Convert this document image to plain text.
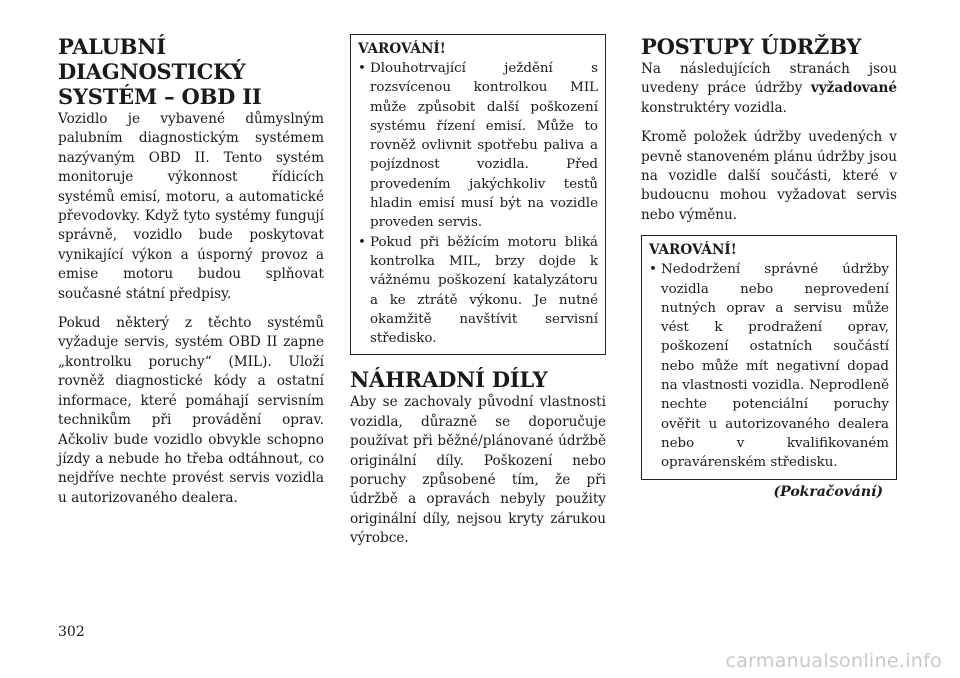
PALUBNÍ DIAGNOSTICKÝ SYSTÉM – OBD II

Vozidlo je vybavené důmyslným palubním diagnostickým systémem nazývaným OBD II. Tento systém monitoruje výkonnost řídicích systémů emisí, motoru, a automatické převodovky. Když tyto systémy fungují správně, vozidlo bude poskytovat vynikající výkon a úsporný provoz a emise motoru budou splňovat současné státní předpisy.

Pokud některý z těchto systémů vyžaduje servis, systém OBD II zapne „kontrolku poruchy“ (MIL). Uloží rovněž diagnostické kódy a ostatní informace, které pomáhají servisním technikům při provádění oprav. Ačkoliv bude vozidlo obvykle schopno jízdy a nebude ho třeba odtáhnout, co nejdříve nechte provést servis vozidla u autorizovaného dealera.

VAROVÁNÍ!
• Dlouhotrvající ježdění s rozsvícenou kontrolkou MIL může způsobit další poškození systému řízení emisí. Může to rovněž ovlivnit spotřebu paliva a pojízdnost vozidla. Před provedením jakýchkoliv testů hladin emisí musí být na vozidle proveden servis.
• Pokud při běžícím motoru bliká kontrolka MIL, brzy dojde k vážnému poškození katalyzátoru a ke ztrátě výkonu. Je nutné okamžitě navštívit servisní středisko.
NÁHRADNÍ DÍLY

Aby se zachovaly původní vlastnosti vozidla, důrazně se doporučuje používat při běžné/plánované údržbě originální díly. Poškození nebo poruchy způsobené tím, že při údržbě a opravách nebyly použity originální díly, nejsou kryty zárukou výrobce.

POSTUPY ÚDRŽBY

Na následujících stranách jsou uvedeny práce údržby vyžadované konstruktéry vozidla.

Kromě položek údržby uvedených v pevně stanoveném plánu údržby jsou na vozidle další součásti, které v budoucnu mohou vyžadovat servis nebo výměnu.

VAROVÁNÍ!
• Nedodržení správné údržby vozidla nebo neprovedení nutných oprav a servisu může vést k prodražení oprav, poškození ostatních součástí nebo může mít negativní dopad na vlastnosti vozidla. Neprodleně nechte potenciální poruchy ověřit u autorizovaného dealera nebo v kvalifikovaném opravárenském středisku.
(Pokračování)
302
carmanualsonline.info
